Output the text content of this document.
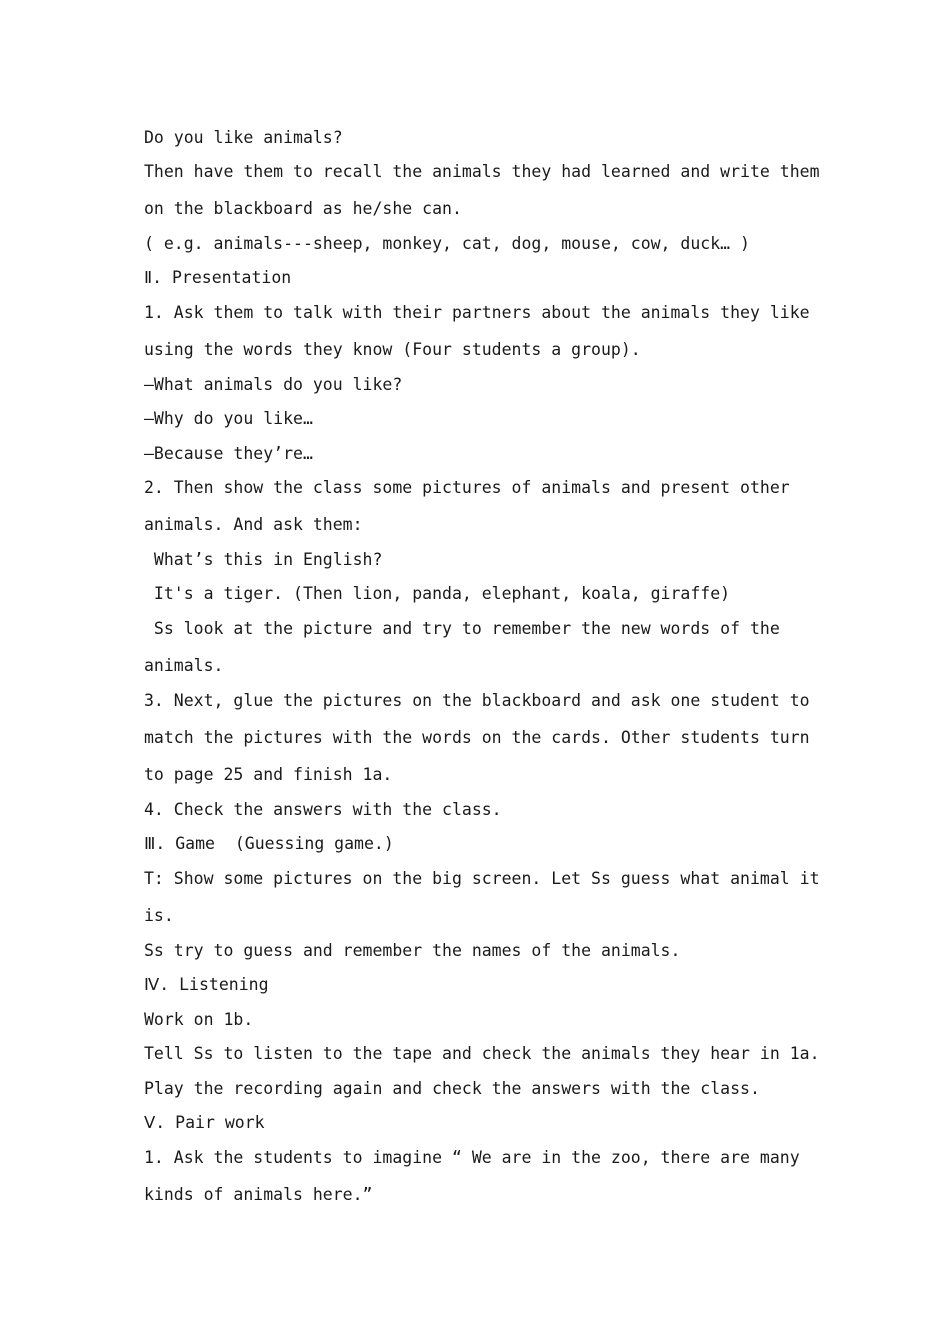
Do you like animals?
Then have them to recall the animals they had learned and write them
on the blackboard as he/she can.
( e.g. animals---sheep, monkey, cat, dog, mouse, cow, duck… )
Ⅱ. Presentation
1. Ask them to talk with their partners about the animals they like
using the words they know (Four students a group).
—What animals do you like?
—Why do you like…
—Because they’re…
2. Then show the class some pictures of animals and present other
animals. And ask them:
What’s this in English?
It's a tiger. (Then lion, panda, elephant, koala, giraffe)
Ss look at the picture and try to remember the new words of the
animals.
3. Next, glue the pictures on the blackboard and ask one student to
match the pictures with the words on the cards. Other students turn
to page 25 and finish 1a.
4. Check the answers with the class.
Ⅲ. Game  (Guessing game.)
T: Show some pictures on the big screen. Let Ss guess what animal it
is.
Ss try to guess and remember the names of the animals.
Ⅳ. Listening
Work on 1b.
Tell Ss to listen to the tape and check the animals they hear in 1a.
Play the recording again and check the answers with the class.
Ⅴ. Pair work
1. Ask the students to imagine “ We are in the zoo, there are many
kinds of animals here.”
